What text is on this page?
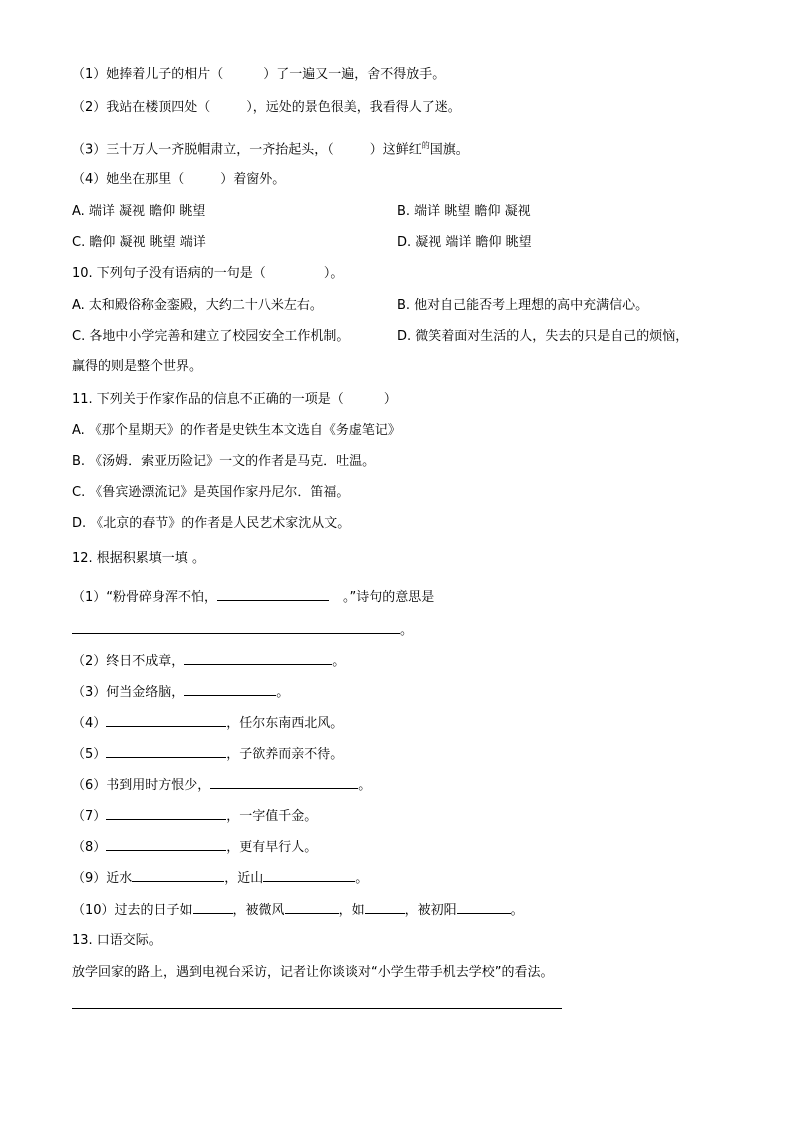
（1）她捧着儿子的相片（	）了一遍又一遍，舍不得放手。
（2）我站在楼顶四处（	），远处的景色很美，我看得人了迷。
（3）三十万人一齐脱帽肃立，一齐抬起头，（	）这鲜红$^的$国旗。
（4）她坐在那里（	）着窗外。
A. 端详 凝视 瞻仰 眺望	B. 端详 眺望 瞻仰 凝视
C. 瞻仰 凝视 眺望 端详	D. 凝视 端详 瞻仰 眺望
10. 下列句子没有语病的一句是（	）。
A. 太和殿俗称金銮殿，大约二十八米左右。	B. 他对自己能否考上理想的高中充满信心。
C. 各地中小学完善和建立了校园安全工作机制。	D. 微笑着面对生活的人，失去的只是自己的烦恼，
赢得的则是整个世界。
11. 下列关于作家作品的信息不正确的一项是（	）
A. 《那个星期天》的作者是史铁生本文选自《务虚笔记》
B. 《汤姆．索亚历险记》一文的作者是马克．吐温。
C. 《鲁宾逊漂流记》是英国作家丹尼尔．笛福。
D. 《北京的春节》的作者是人民艺术家沈从文。
12. 根据积累填一填 。
（1）“粉骨碎身浑不怕，	。”诗句的意思是
。
（2）终日不成章，	。
（3）何当金络脑，	。
（4）	，任尔东南西北风。
（5）	，子欲养而亲不待。
（6）书到用时方恨少，	。
（7）	，一字值千金。
（8）	，更有早行人。
（9）近水	，近山	。
（10）过去的日子如	，被微风	，如	，被初阳	。
13. 口语交际。
放学回家的路上，遇到电视台采访，记者让你谈谈对“小学生带手机去学校”的看法。
